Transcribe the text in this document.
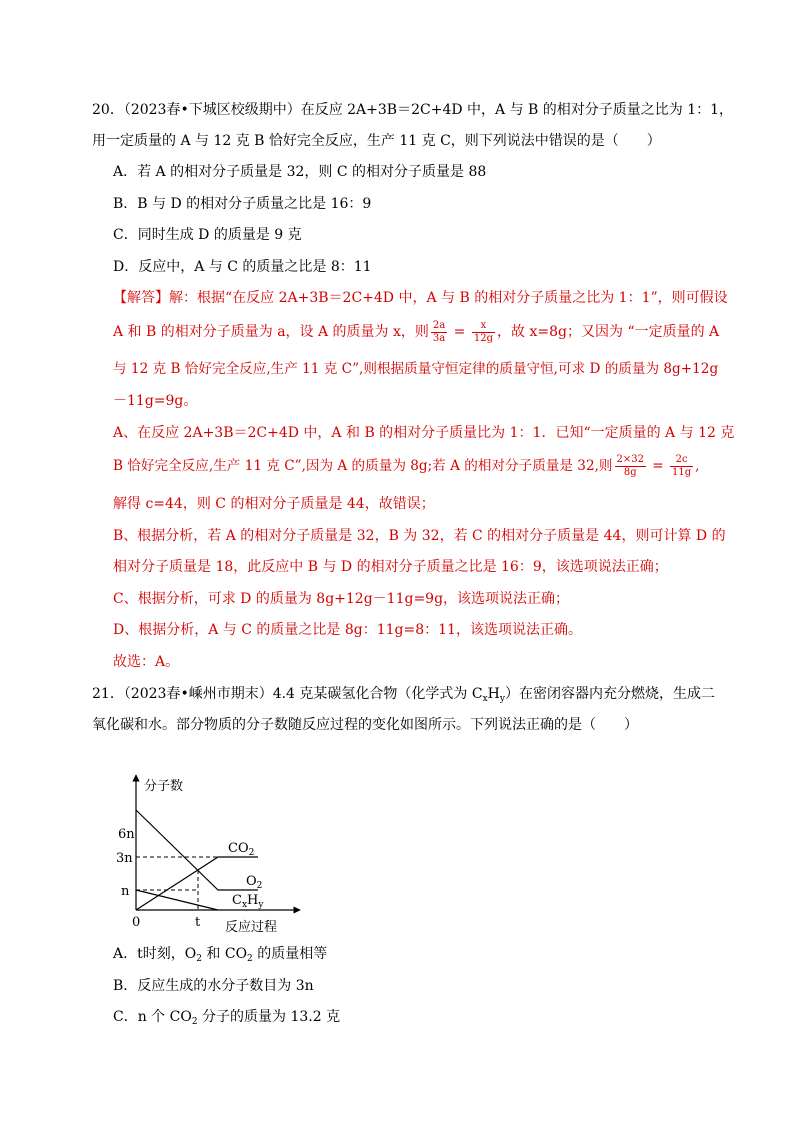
20．（2023春•下城区校级期中）在反应 2A+3B＝2C+4D 中，A 与 B 的相对分子质量之比为 1：1，
用一定质量的 A 与 12 克 B 恰好完全反应，生产 11 克 C，则下列说法中错误的是（　　）
A．若 A 的相对分子质量是 32，则 C 的相对分子质量是 88
B．B 与 D 的相对分子质量之比是 16：9
C．同时生成 D 的质量是 9 克
D．反应中，A 与 C 的质量之比是 8：11
【解答】解：根据“在反应 2A+3B＝2C+4D 中，A 与 B 的相对分子质量之比为 1：1”，则可假设
A 和 B 的相对分子质量为 a，设 A 的质量为 x，则 $\frac{2a}{3a} = \frac{x}{12g}$ ，故 x=8g；又因为 “一定质量的 A
与 12 克 B 恰好完全反应,生产 11 克 C”,则根据质量守恒定律的质量守恒,可求 D 的质量为 8g+12g
－11g=9g。
A、在反应 2A+3B＝2C+4D 中，A 和 B 的相对分子质量比为 1：1．已知“一定质量的 A 与 12 克
B 恰好完全反应,生产 11 克 C”,因为 A 的质量为 8g;若 A 的相对分子质量是 32,则 $\frac{2\times 32}{8g} = \frac{2c}{11g}$ ,
解得 c=44，则 C 的相对分子质量是 44，故错误；
B、根据分析，若 A 的相对分子质量是 32，B 为 32，若 C 的相对分子质量是 44，则可计算 D 的
相对分子质量是 18，此反应中 B 与 D 的相对分子质量之比是 16：9，该选项说法正确；
C、根据分析，可求 D 的质量为 8g+12g－11g=9g，该选项说法正确；
D、根据分析，A 与 C 的质量之比是 8g：11g=8：11，该选项说法正确。
故选：A。
21．（2023春•嵊州市期末）4.4 克某碳氢化合物（化学式为 $C_xH_y$）在密闭容器内充分燃烧，生成二
氧化碳和水。部分物质的分子数随反应过程的变化如图所示。下列说法正确的是（　　）
分子数
反应过程
6n
3n
n
0	t
$CO_2$
$O_2$
$C_xH_y$
A．t时刻，$O_2$ 和 $CO_2$ 的质量相等
B．反应生成的水分子数目为 3n
C．n 个 $CO_2$ 分子的质量为 13.2 克
